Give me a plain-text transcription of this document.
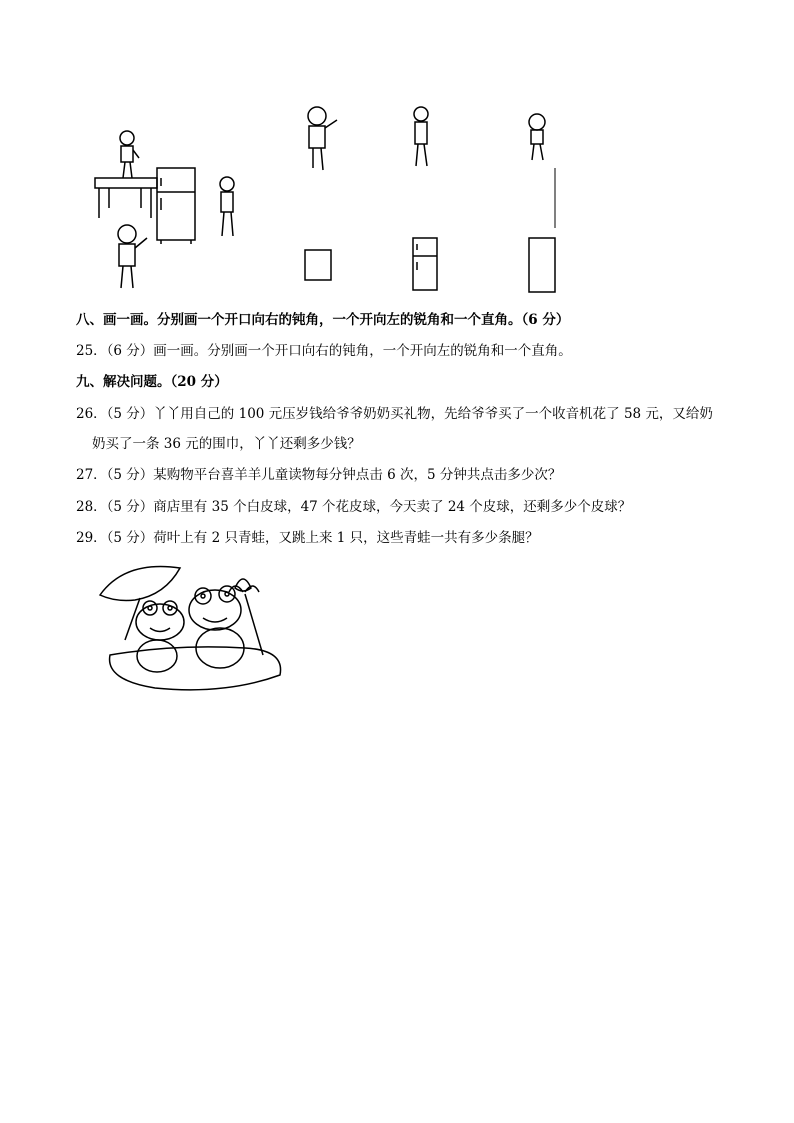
八、画一画。分别画一个开口向右的钝角，一个开向左的锐角和一个直角。（6 分）
25．（6 分）画一画。分别画一个开口向右的钝角，一个开向左的锐角和一个直角。
九、解决问题。（20 分）
26．（5 分）丫丫用自己的 100 元压岁钱给爷爷奶奶买礼物，先给爷爷买了一个收音机花了 58 元，又给奶
奶买了一条 36 元的围巾，丫丫还剩多少钱？
27．（5 分）某购物平台喜羊羊儿童读物每分钟点击 6 次，5 分钟共点击多少次？
28．（5 分）商店里有 35 个白皮球，47 个花皮球，今天卖了 24 个皮球，还剩多少个皮球？
29．（5 分）荷叶上有 2 只青蛙，又跳上来 1 只，这些青蛙一共有多少条腿？
